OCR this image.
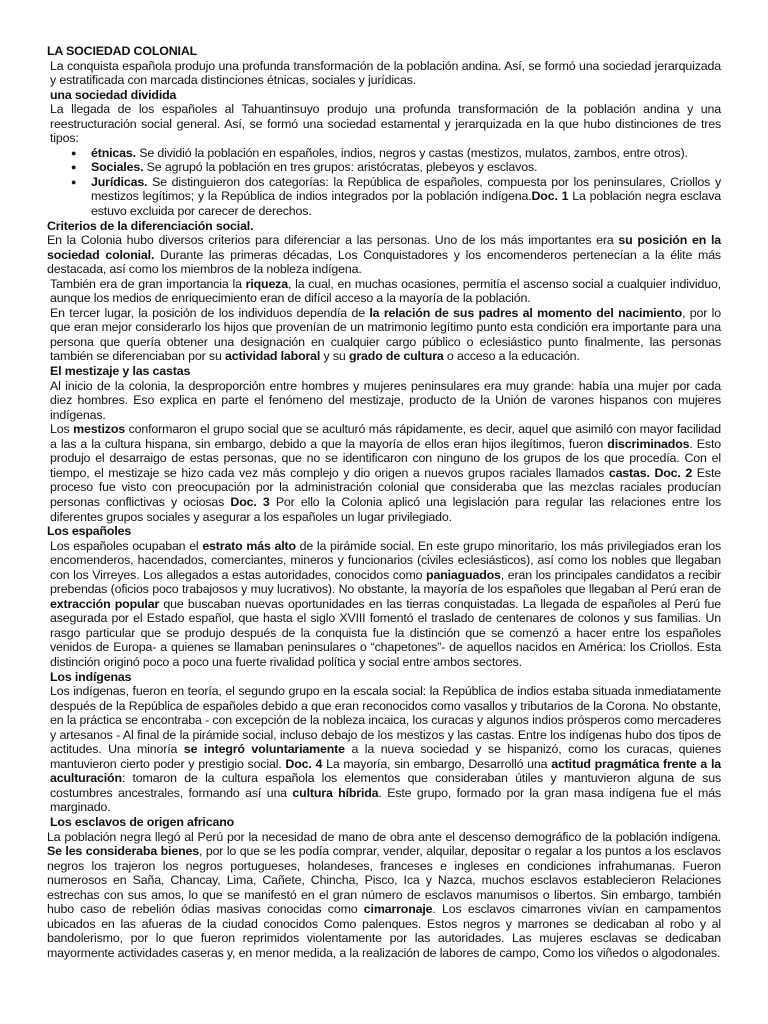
LA SOCIEDAD COLONIAL

La conquista española produjo una profunda transformación de la población andina. Así, se formó una sociedad jerarquizada y estratificada con marcada distinciones étnicas, sociales y jurídicas.

una sociedad dividida

La llegada de los españoles al Tahuantinsuyo produjo una profunda transformación de la población andina y una reestructuración social general. Así, se formó una sociedad estamental y jerarquizada en la que hubo distinciones de tres tipos:

● étnicas. Se dividió la población en españoles, indios, negros y castas (mestizos, mulatos, zambos, entre otros).
● Sociales. Se agrupó la población en tres grupos: aristócratas, plebeyos y esclavos.
● Jurídicas. Se distinguieron dos categorías: la República de españoles, compuesta por los peninsulares, Criollos y mestizos legítimos; y la República de indios integrados por la población indígena.Doc. 1 La población negra esclava estuvo excluida por carecer de derechos.

Criterios de la diferenciación social.

En la Colonia hubo diversos criterios para diferenciar a las personas. Uno de los más importantes era su posición en la sociedad colonial. Durante las primeras décadas, Los Conquistadores y los encomenderos pertenecían a la élite más destacada, así como los miembros de la nobleza indígena.

También era de gran importancia la riqueza, la cual, en muchas ocasiones, permitía el ascenso social a cualquier individuo, aunque los medios de enriquecimiento eran de difícil acceso a la mayoría de la población.

En tercer lugar, la posición de los individuos dependía de la relación de sus padres al momento del nacimiento, por lo que eran mejor considerarlo los hijos que provenían de un matrimonio legítimo punto esta condición era importante para una persona que quería obtener una designación en cualquier cargo público o eclesiástico punto finalmente, las personas también se diferenciaban por su actividad laboral y su grado de cultura o acceso a la educación.

El mestizaje y las castas

Al inicio de la colonia, la desproporción entre hombres y mujeres peninsulares era muy grande: había una mujer por cada diez hombres. Eso explica en parte el fenómeno del mestizaje, producto de la Unión de varones hispanos con mujeres indígenas.

Los mestizos conformaron el grupo social que se aculturó más rápidamente, es decir, aquel que asimiló con mayor facilidad a las a la cultura hispana, sin embargo, debido a que la mayoría de ellos eran hijos ilegítimos, fueron discriminados. Esto produjo el desarraigo de estas personas, que no se identificaron con ninguno de los grupos de los que procedía. Con el tiempo, el mestizaje se hizo cada vez más complejo y dio origen a nuevos grupos raciales llamados castas. Doc. 2 Este proceso fue visto con preocupación por la administración colonial que consideraba que las mezclas raciales producían personas conflictivas y ociosas Doc. 3 Por ello la Colonia aplicó una legislación para regular las relaciones entre los diferentes grupos sociales y asegurar a los españoles un lugar privilegiado.

Los españoles

Los españoles ocupaban el estrato más alto de la pirámide social. En este grupo minoritario, los más privilegiados eran los encomenderos, hacendados, comerciantes, mineros y funcionarios (civiles eclesiásticos), así como los nobles que llegaban con los Virreyes. Los allegados a estas autoridades, conocidos como paniaguados, eran los principales candidatos a recibir prebendas (oficios poco trabajosos y muy lucrativos). No obstante, la mayoría de los españoles que llegaban al Perú eran de extracción popular que buscaban nuevas oportunidades en las tierras conquistadas. La llegada de españoles al Perú fue asegurada por el Estado español, que hasta el siglo XVIII fomentó el traslado de centenares de colonos y sus familias. Un rasgo particular que se produjo después de la conquista fue la distinción que se comenzó a hacer entre los españoles venidos de Europa- a quienes se llamaban peninsulares o “chapetones”- de aquellos nacidos en América: los Criollos. Esta distinción originó poco a poco una fuerte rivalidad política y social entre ambos sectores.

Los indígenas

Los indígenas, fueron en teoría, el segundo grupo en la escala social: la República de indios estaba situada inmediatamente después de la República de españoles debido a que eran reconocidos como vasallos y tributarios de la Corona. No obstante, en la práctica se encontraba - con excepción de la nobleza incaica, los curacas y algunos indios prósperos como mercaderes y artesanos - Al final de la pirámide social, incluso debajo de los mestizos y las castas. Entre los indígenas hubo dos tipos de actitudes. Una minoría se integró voluntariamente a la nueva sociedad y se hispanizó, como los curacas, quienes mantuvieron cierto poder y prestigio social. Doc. 4 La mayoría, sin embargo, Desarrolló una actitud pragmática frente a la aculturación: tomaron de la cultura española los elementos que consideraban útiles y mantuvieron alguna de sus costumbres ancestrales, formando así una cultura híbrida. Este grupo, formado por la gran masa indígena fue el más marginado.

Los esclavos de origen africano

La población negra llegó al Perú por la necesidad de mano de obra ante el descenso demográfico de la población indígena. Se les consideraba bienes, por lo que se les podía comprar, vender, alquilar, depositar o regalar a los puntos a los esclavos negros los trajeron los negros portugueses, holandeses, franceses e ingleses en condiciones infrahumanas. Fueron numerosos en Saña, Chancay, Lima, Cañete, Chincha, Pisco, Ica y Nazca, muchos esclavos establecieron Relaciones estrechas con sus amos, lo que se manifestó en el gran número de esclavos manumisos o libertos. Sin embargo, también hubo caso de rebelión ódias masivas conocidas como cimarronaje. Los esclavos cimarrones vivían en campamentos ubicados en las afueras de la ciudad conocidos Como palenques. Estos negros y marrones se dedicaban al robo y al bandolerismo, por lo que fueron reprimidos violentamente por las autoridades. Las mujeres esclavas se dedicaban mayormente actividades caseras y, en menor medida, a la realización de labores de campo, Como los viñedos o algodonales.
